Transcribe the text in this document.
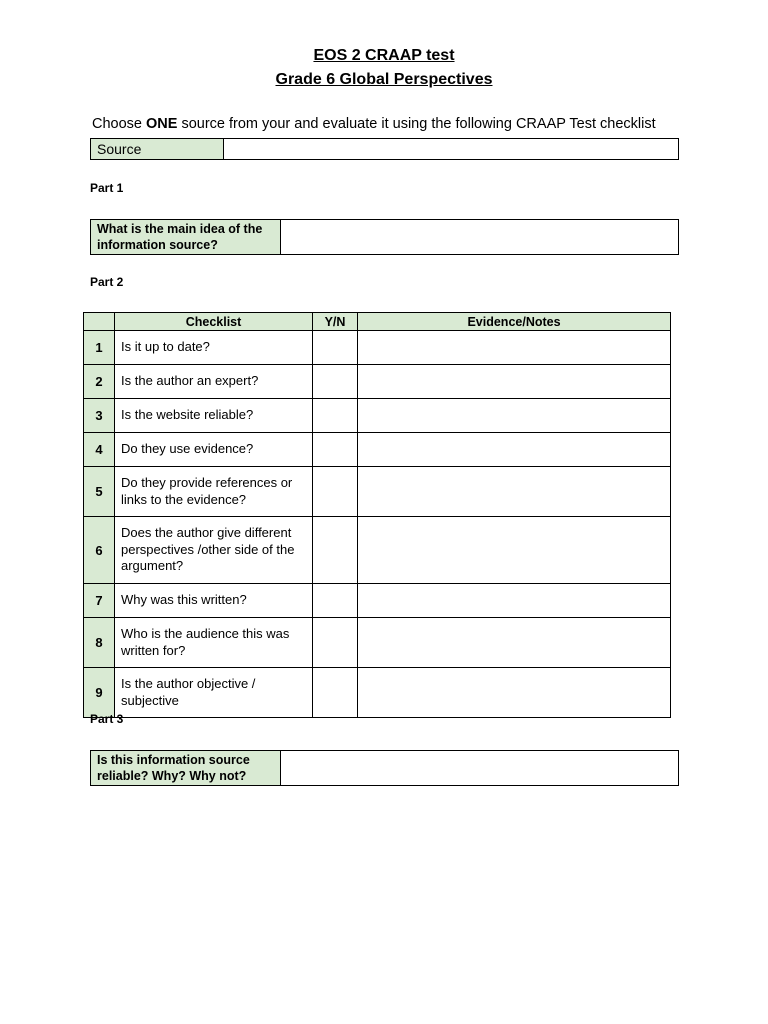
EOS 2 CRAAP test
Grade 6 Global Perspectives
Choose ONE source from your and evaluate it using the following CRAAP Test checklist
Source	
Part 1
What is the main idea of the information source?	
Part 2
	Checklist	Y/N	Evidence/Notes
1	Is it up to date?		
2	Is the author an expert?		
3	Is the website reliable?		
4	Do they use evidence?		
5	Do they provide references or links to the evidence?		
6	Does the author give different perspectives /other side of the argument?		
7	Why was this written?		
8	Who is the audience this was written for?		
9	Is the author objective / subjective		
Part 3
Is this information source reliable? Why? Why not?	
